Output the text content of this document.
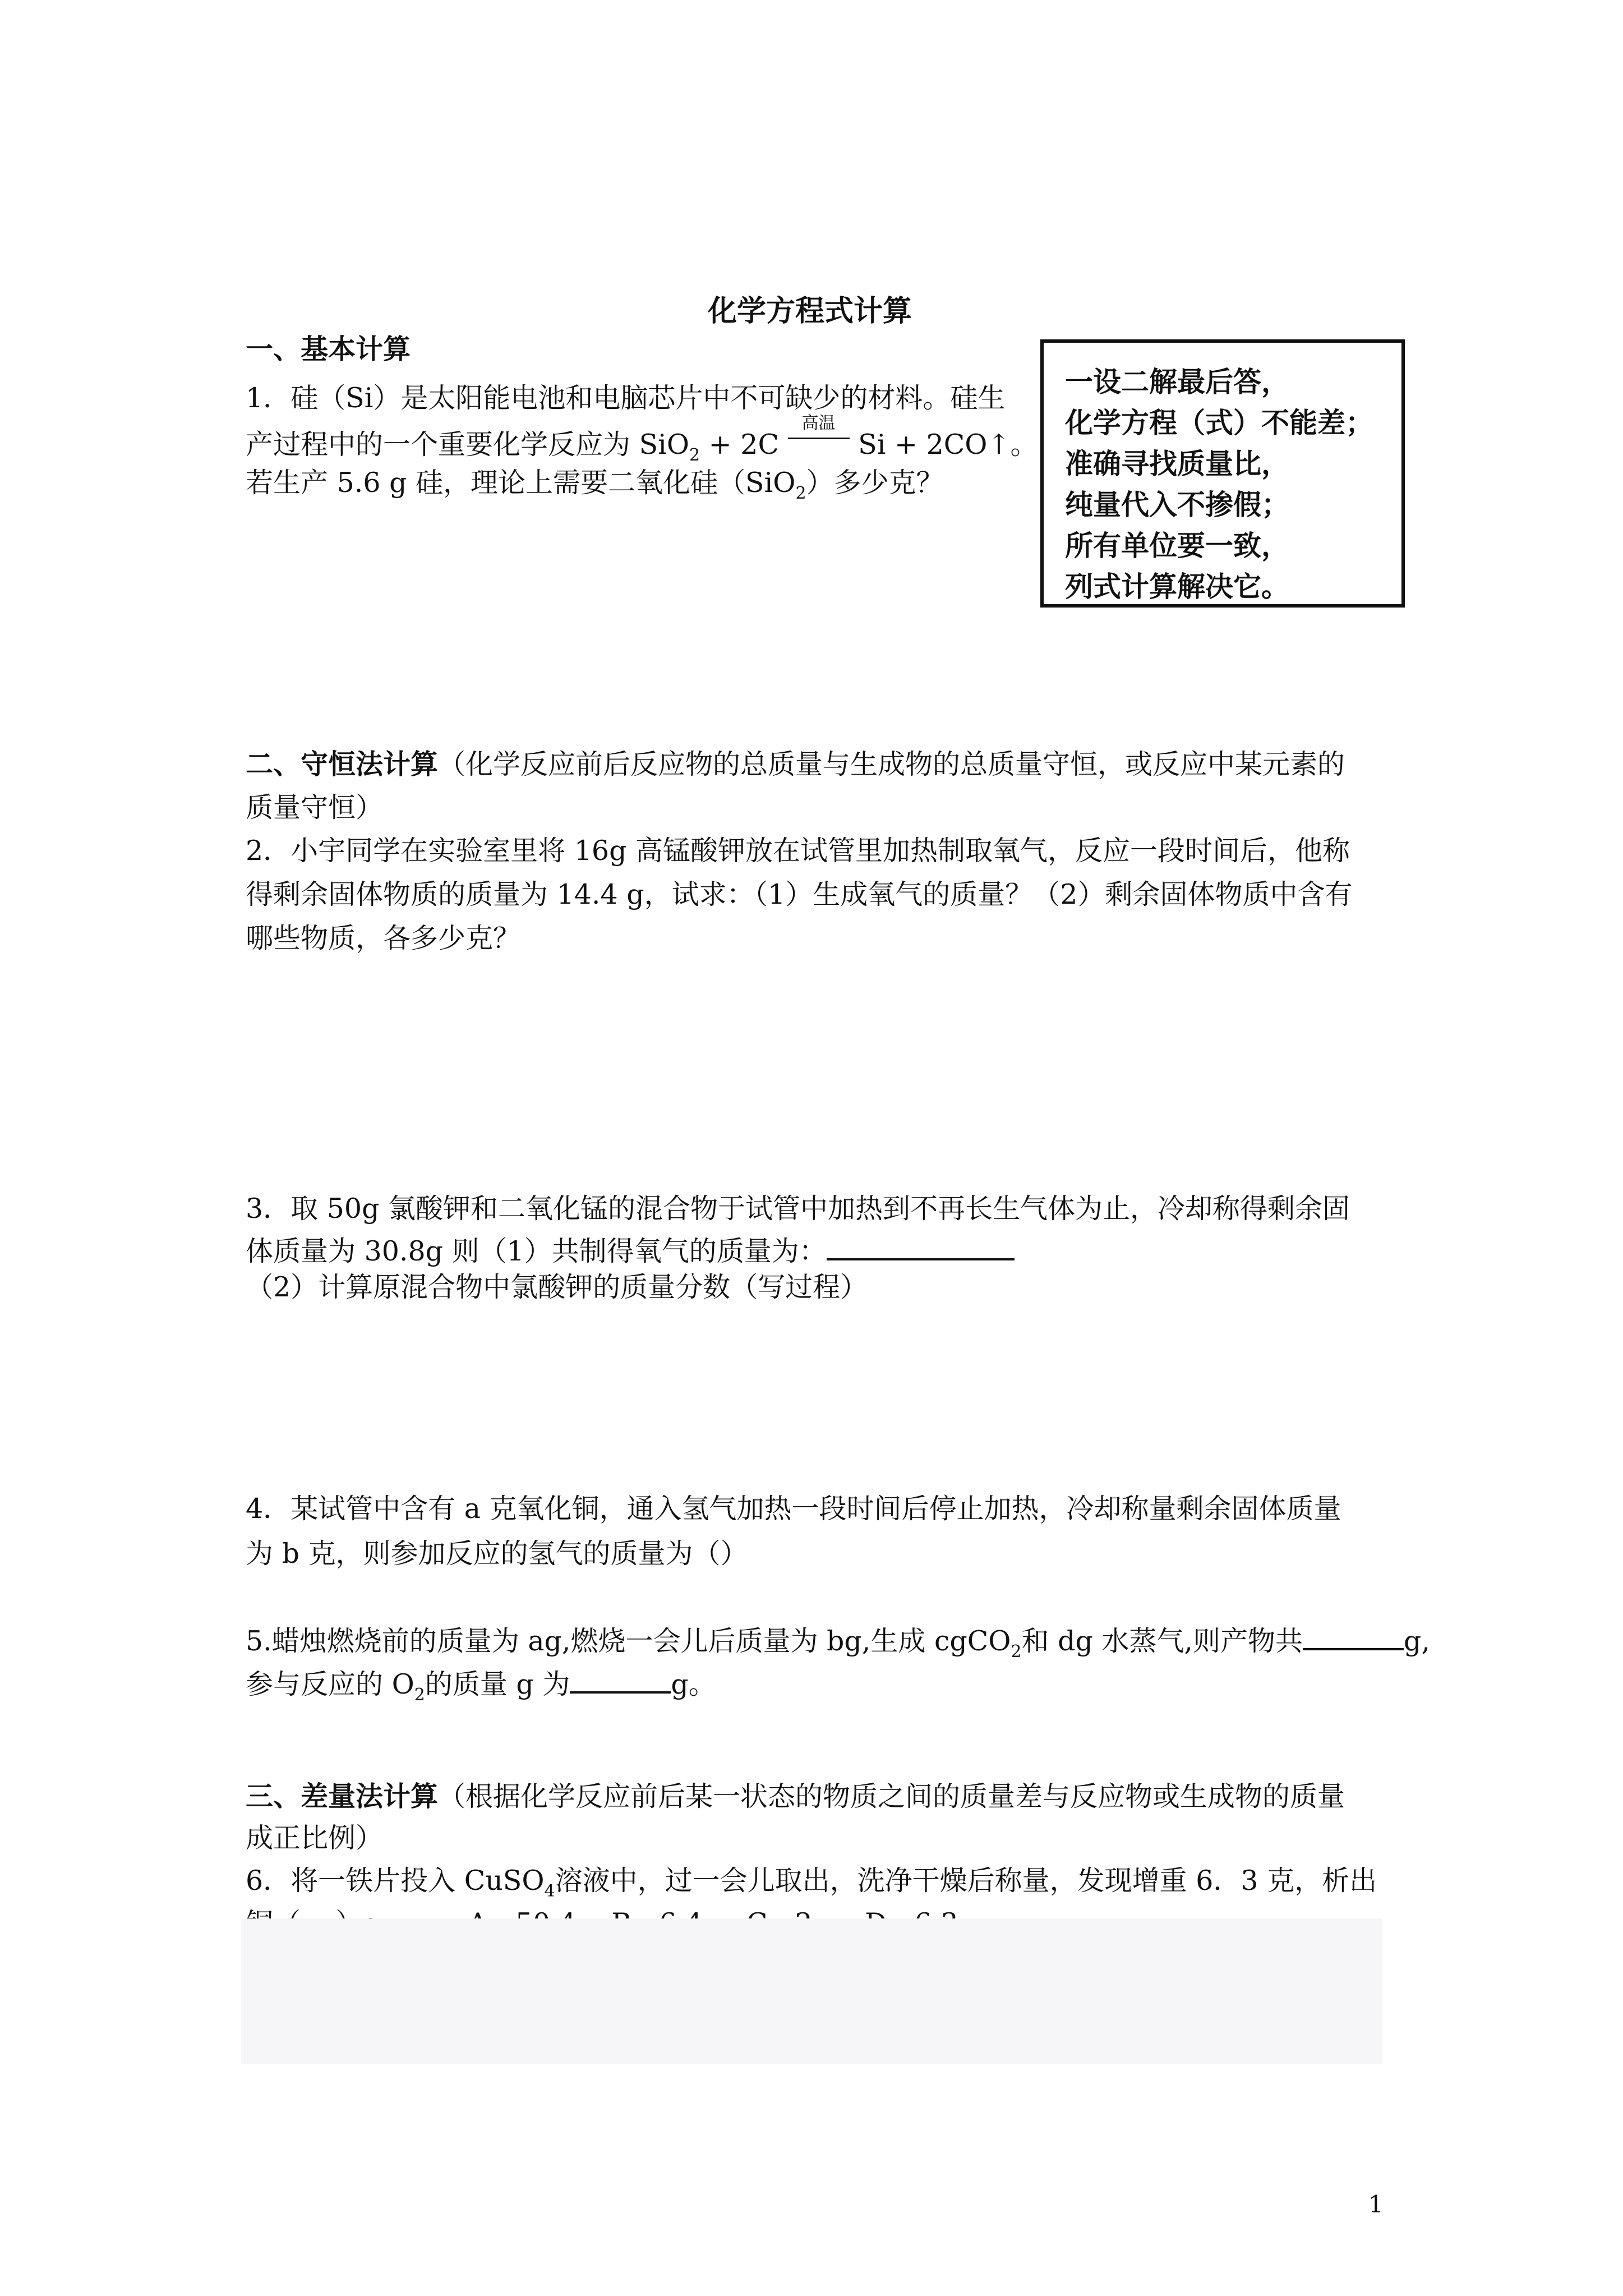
化学方程式计算
一、基本计算
一设二解最后答，
化学方程（式）不能差；
准确寻找质量比，
纯量代入不掺假；
所有单位要一致，
列式计算解决它。
1．硅（Si）是太阳能电池和电脑芯片中不可缺少的材料。硅生
产过程中的一个重要化学反应为 SiO$_2$ + 2C
高温
Si + 2CO↑。
若生产 5.6 g 硅，理论上需要二氧化硅（SiO$_2$）多少克？
二、守恒法计算（化学反应前后反应物的总质量与生成物的总质量守恒，或反应中某元素的
质量守恒）
2．小宇同学在实验室里将 16g 高锰酸钾放在试管里加热制取氧气，反应一段时间后，他称
得剩余固体物质的质量为 14.4 g，试求：（1）生成氧气的质量？（2）剩余固体物质中含有
哪些物质，各多少克？
3．取 50g 氯酸钾和二氧化锰的混合物于试管中加热到不再长生气体为止，冷却称得剩余固
体质量为 30.8g 则（1）共制得氧气的质量为：
（2）计算原混合物中氯酸钾的质量分数（写过程）
4．某试管中含有 a 克氧化铜，通入氢气加热一段时间后停止加热，冷却称量剩余固体质量
为 b 克，则参加反应的氢气的质量为（）
5.蜡烛燃烧前的质量为 ag,燃烧一会儿后质量为 bg,生成 cgCO$_2$和 dg 水蒸气,则产物共	g,
参与反应的 $O_2$的质量 g 为	g。
三、差量法计算（根据化学反应前后某一状态的物质之间的质量差与反应物或生成物的质量
成正比例）
6．将一铁片投入 CuSO$_4$溶液中，过一会儿取出，洗净干燥后称量，发现增重 6．3 克，析出
1
